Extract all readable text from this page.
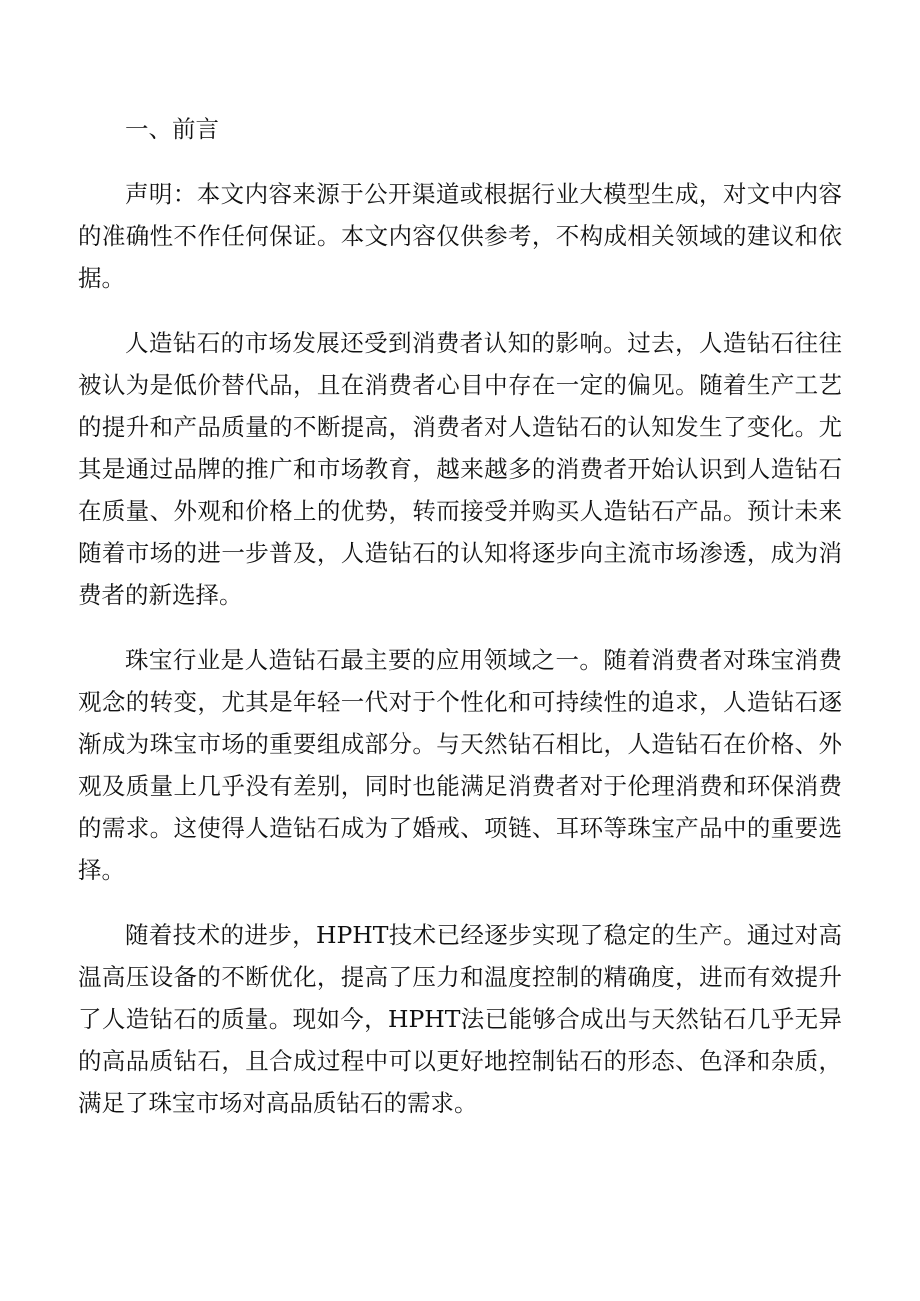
一、前言

声明：本文内容来源于公开渠道或根据行业大模型生成，对文中内容的准确性不作任何保证。本文内容仅供参考，不构成相关领域的建议和依据。

人造钻石的市场发展还受到消费者认知的影响。过去，人造钻石往往被认为是低价替代品，且在消费者心目中存在一定的偏见。随着生产工艺的提升和产品质量的不断提高，消费者对人造钻石的认知发生了变化。尤其是通过品牌的推广和市场教育，越来越多的消费者开始认识到人造钻石在质量、外观和价格上的优势，转而接受并购买人造钻石产品。预计未来随着市场的进一步普及，人造钻石的认知将逐步向主流市场渗透，成为消费者的新选择。

珠宝行业是人造钻石最主要的应用领域之一。随着消费者对珠宝消费观念的转变，尤其是年轻一代对于个性化和可持续性的追求，人造钻石逐渐成为珠宝市场的重要组成部分。与天然钻石相比，人造钻石在价格、外观及质量上几乎没有差别，同时也能满足消费者对于伦理消费和环保消费的需求。这使得人造钻石成为了婚戒、项链、耳环等珠宝产品中的重要选择。

随着技术的进步，HPHT技术已经逐步实现了稳定的生产。通过对高温高压设备的不断优化，提高了压力和温度控制的精确度，进而有效提升了人造钻石的质量。现如今，HPHT法已能够合成出与天然钻石几乎无异的高品质钻石，且合成过程中可以更好地控制钻石的形态、色泽和杂质，满足了珠宝市场对高品质钻石的需求。
